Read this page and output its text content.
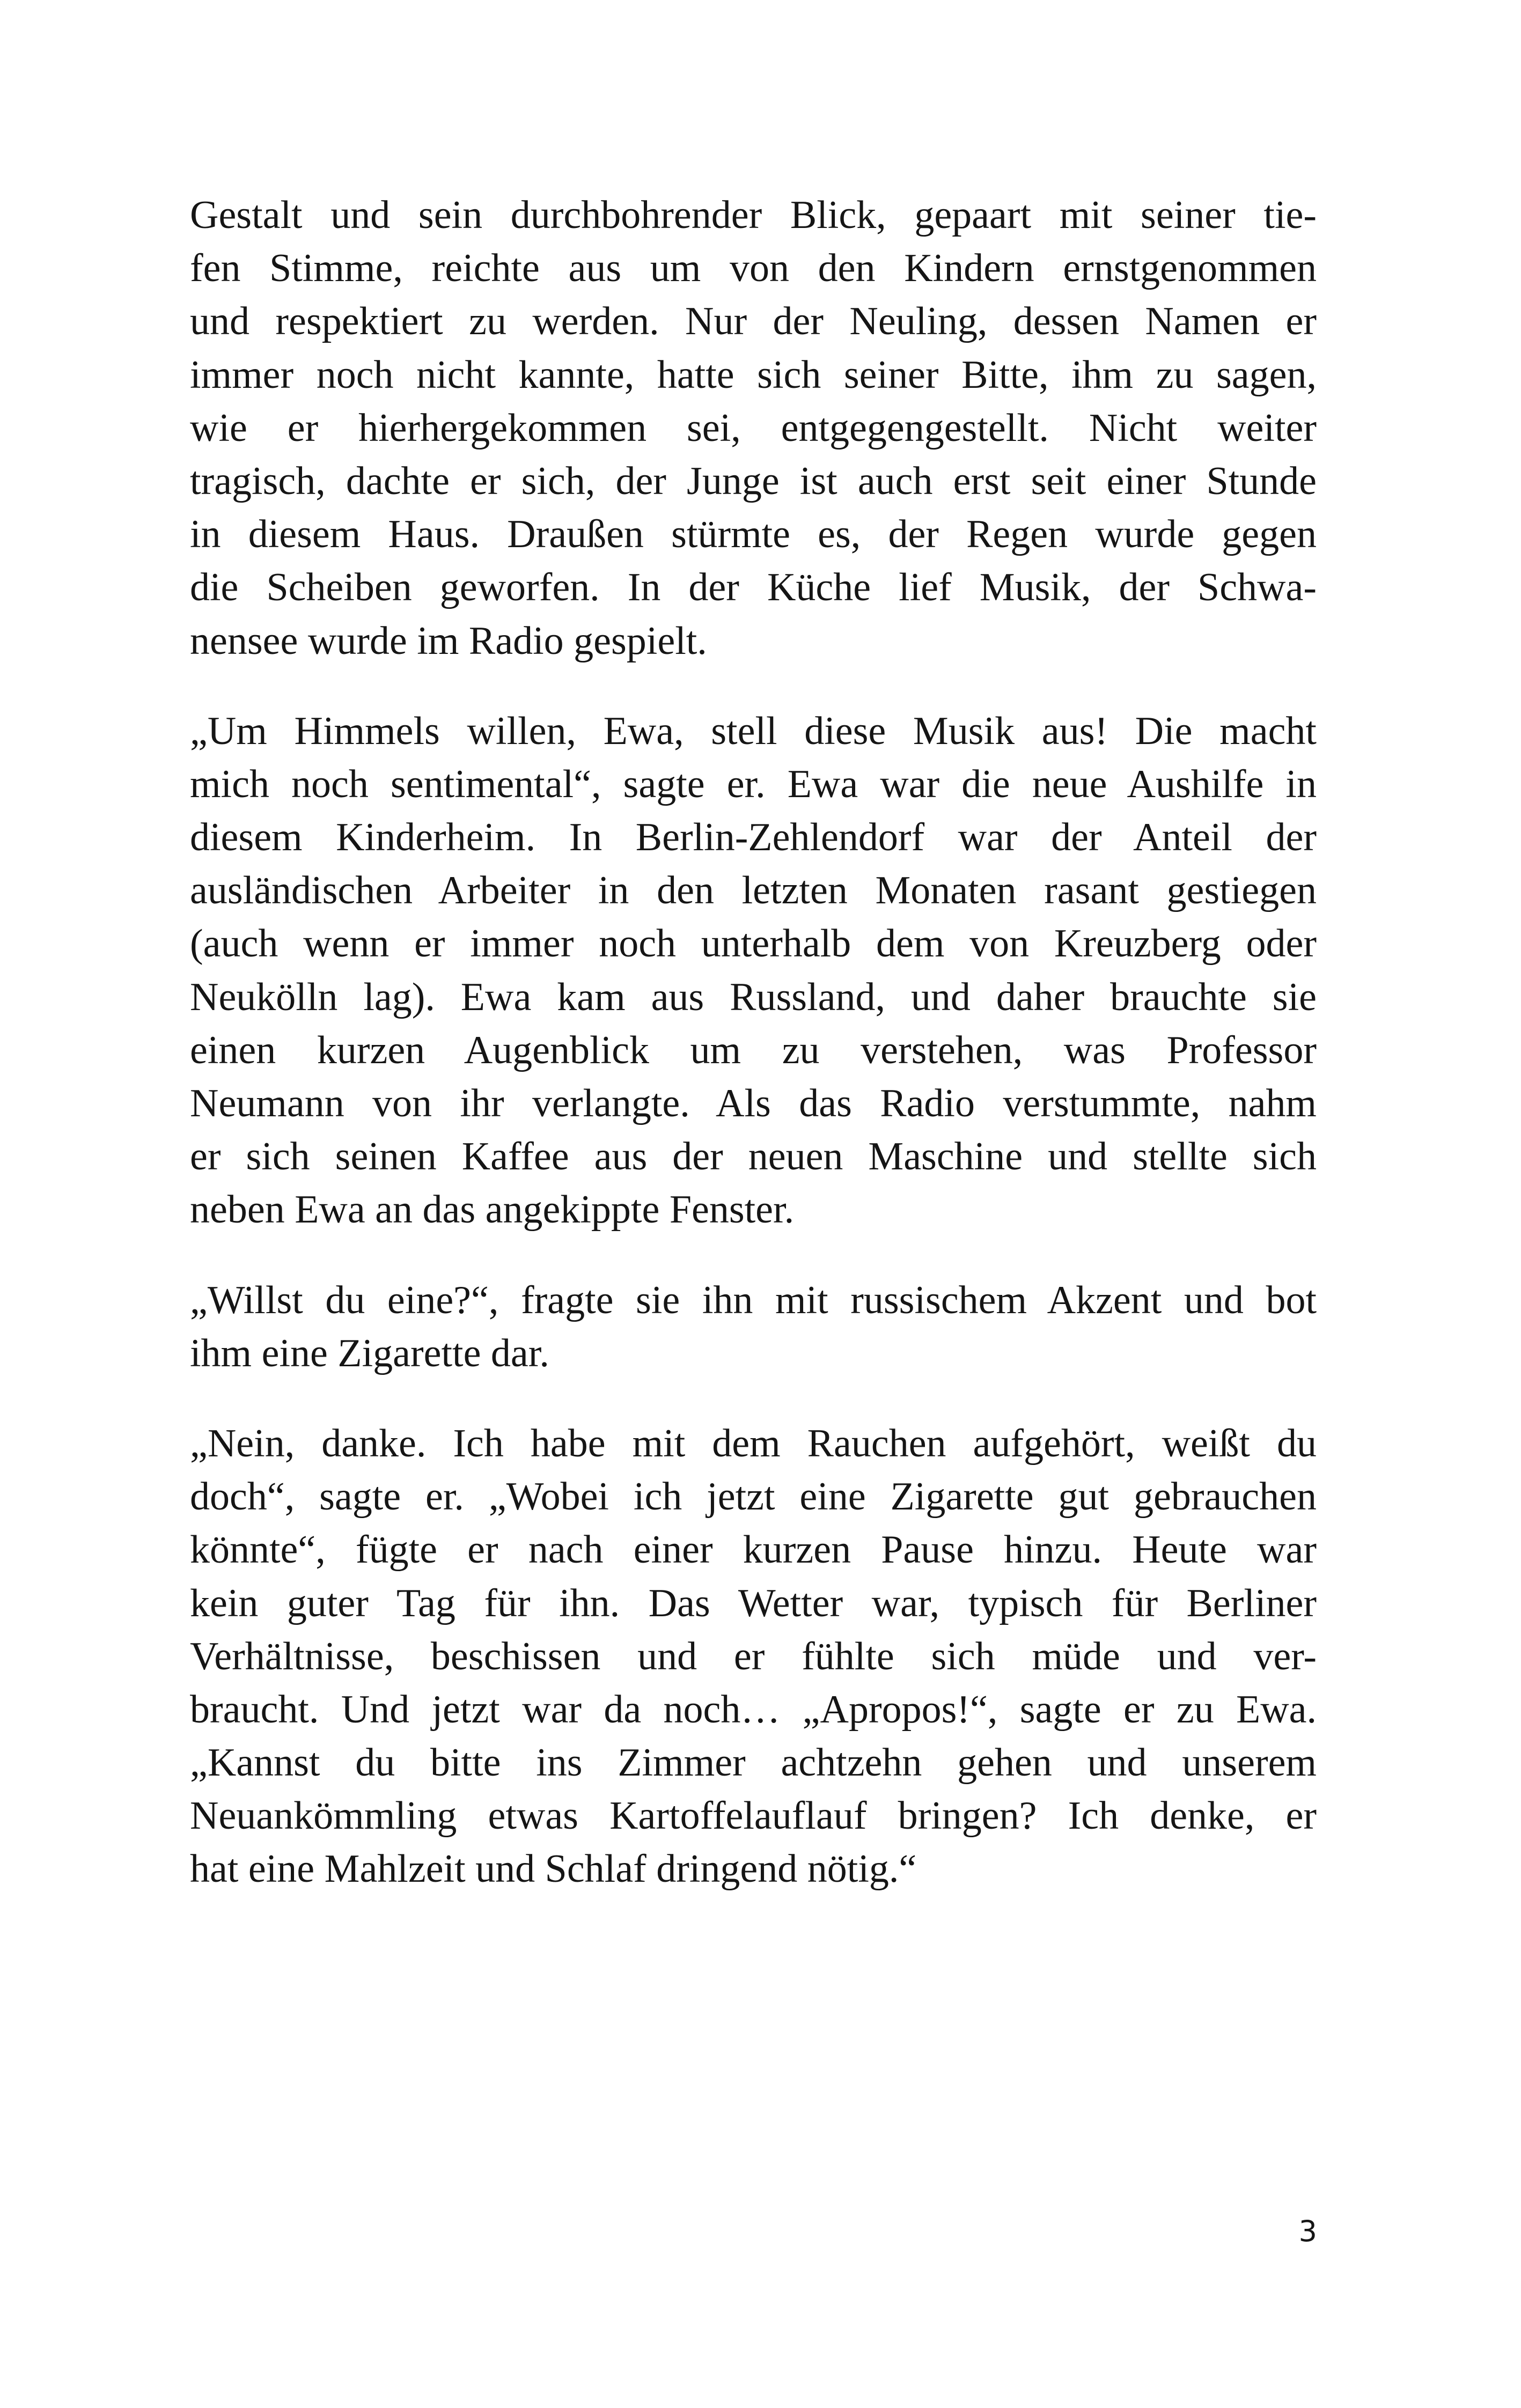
Gestalt und sein durchbohrender Blick, gepaart mit seiner tie-
fen Stimme, reichte aus um von den Kindern ernstgenommen
und respektiert zu werden. Nur der Neuling, dessen Namen er
immer noch nicht kannte, hatte sich seiner Bitte, ihm zu sagen,
wie er hierhergekommen sei, entgegengestellt. Nicht weiter
tragisch, dachte er sich, der Junge ist auch erst seit einer Stunde
in diesem Haus. Draußen stürmte es, der Regen wurde gegen
die Scheiben geworfen. In der Küche lief Musik, der Schwa-
nensee wurde im Radio gespielt.

„Um Himmels willen, Ewa, stell diese Musik aus! Die macht
mich noch sentimental“, sagte er. Ewa war die neue Aushilfe in
diesem Kinderheim. In Berlin-Zehlendorf war der Anteil der
ausländischen Arbeiter in den letzten Monaten rasant gestiegen
(auch wenn er immer noch unterhalb dem von Kreuzberg oder
Neukölln lag). Ewa kam aus Russland, und daher brauchte sie
einen kurzen Augenblick um zu verstehen, was Professor
Neumann von ihr verlangte. Als das Radio verstummte, nahm
er sich seinen Kaffee aus der neuen Maschine und stellte sich
neben Ewa an das angekippte Fenster.

„Willst du eine?“, fragte sie ihn mit russischem Akzent und bot
ihm eine Zigarette dar.

„Nein, danke. Ich habe mit dem Rauchen aufgehört, weißt du
doch“, sagte er. „Wobei ich jetzt eine Zigarette gut gebrauchen
könnte“, fügte er nach einer kurzen Pause hinzu. Heute war
kein guter Tag für ihn. Das Wetter war, typisch für Berliner
Verhältnisse, beschissen und er fühlte sich müde und ver-
braucht. Und jetzt war da noch… „Apropos!“, sagte er zu Ewa.
„Kannst du bitte ins Zimmer achtzehn gehen und unserem
Neuankömmling etwas Kartoffelauflauf bringen? Ich denke, er
hat eine Mahlzeit und Schlaf dringend nötig.“

3
